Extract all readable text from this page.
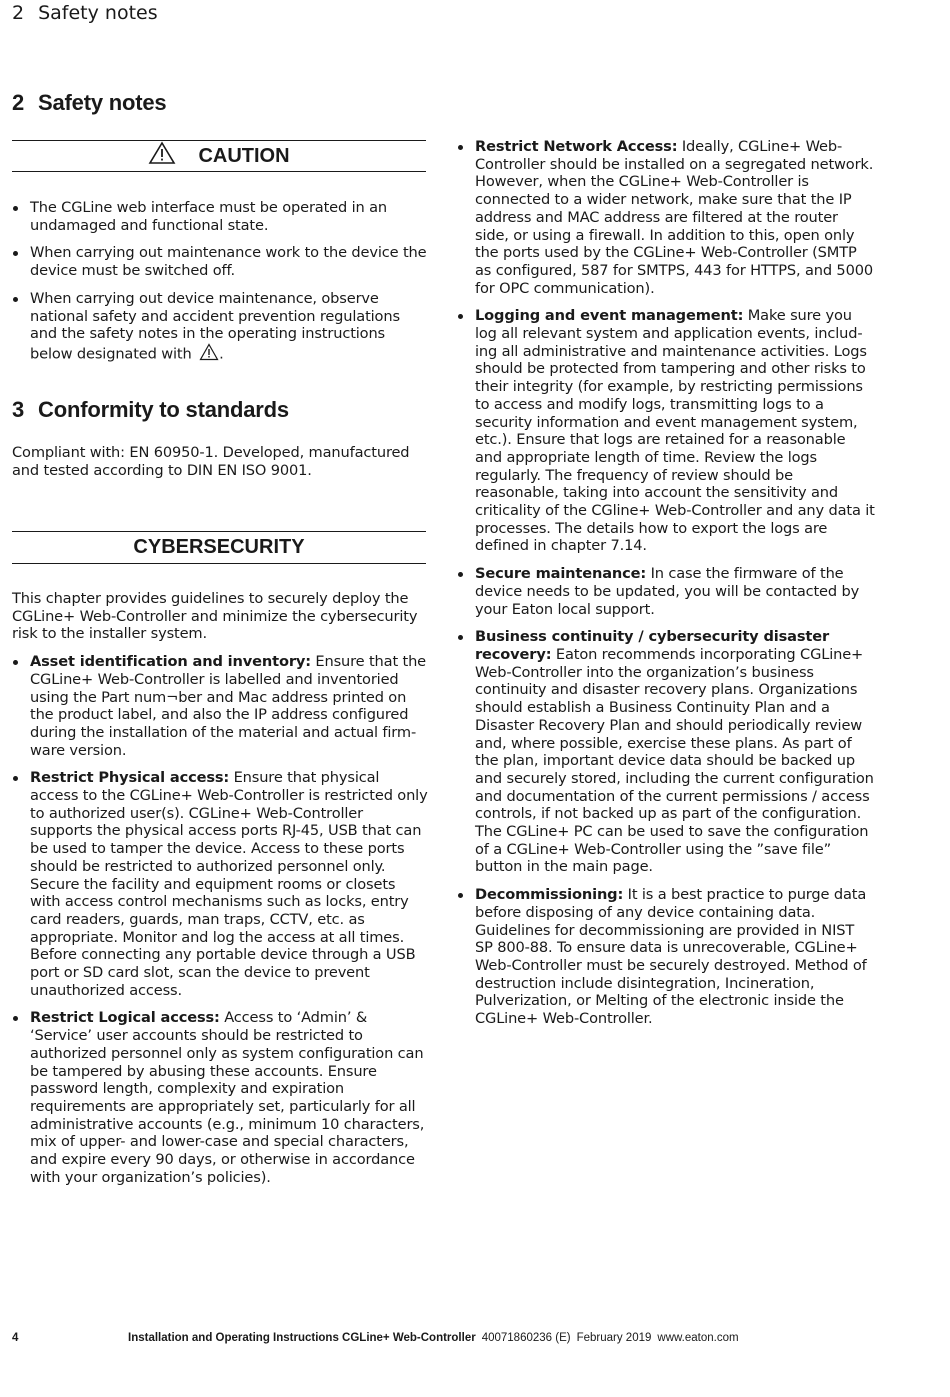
2 Safety notes
2 Safety notes
CAUTION
The CGLine web interface must be operated in an undamaged and functional state.
When carrying out maintenance work to the device the device must be switched off.
When carrying out device maintenance, observe national safety and accident prevention regulations and the safety notes in the operating instructions below designated with .
3 Conformity to standards

Compliant with: EN 60950-1. Developed, manufactured and tested according to DIN EN ISO 9001.

CYBERSECURITY

This chapter provides guidelines to securely deploy the CGLine+ Web-Controller and minimize the cybersecurity risk to the installer system.

Asset identification and inventory: Ensure that the CGLine+ Web-Controller is labelled and inventoried using the Part num¬ber and Mac address printed on the product label, and also the IP address configured during the installation of the material and actual firmware version.
Restrict Physical access: Ensure that physical access to the CGLine+ Web-Controller is restricted only to authorized user(s). CGLine+ Web-Controller supports the physical access ports RJ-45, USB that can be used to tamper the device. Access to these ports should be restricted to authorized personnel only. Secure the facility and equipment rooms or closets with access control mechanisms such as locks, entry card readers, guards, man traps, CCTV, etc. as appropriate. Monitor and log the access at all times. Before connecting any portable device through a USB port or SD card slot, scan the device to prevent unauthorized access.
Restrict Logical access: Access to ‘Admin’ & ‘Service’ user accounts should be restricted to authorized personnel only as system configuration can be tampered by abusing these accounts. Ensure password length, complexity and expiration requirements are appropriately set, particularly for all administrative accounts (e.g., minimum 10 characters, mix of upper- and lower-case and special characters, and expire every 90 days, or otherwise in accordance with your organization’s policies).
Restrict Network Access: Ideally, CGLine+ Web-Controller should be installed on a segregated network. However, when the CGLine+ Web-Controller is connected to a wider network, make sure that the IP address and MAC address are filtered at the router side, or using a firewall. In addition to this, open only the ports used by the CGLine+ Web-Controller (SMTP as configured, 587 for SMTPS, 443 for HTTPS, and 5000 for OPC communication).
Logging and event management: Make sure you log all relevant system and application events, including all administrative and maintenance activities. Logs should be protected from tampering and other risks to their integrity (for example, by restricting permissions to access and modify logs, transmitting logs to a security information and event management system, etc.). Ensure that logs are retained for a reasonable and appropriate length of time. Review the logs regularly. The frequency of review should be reasonable, taking into account the sensitivity and criticality of the CGline+ Web-Controller and any data it processes. The details how to export the logs are defined in chapter 7.14.
Secure maintenance: In case the firmware of the device needs to be updated, you will be contacted by your Eaton local support.
Business continuity / cybersecurity disaster recovery: Eaton recommends incorporating CGLine+ Web-Controller into the organization’s business continuity and disaster recovery plans. Organizations should establish a Business Continuity Plan and a Disaster Recovery Plan and should periodically review and, where possible, exercise these plans. As part of the plan, important device data should be backed up and securely stored, including the current configuration and documentation of the current permissions / access controls, if not backed up as part of the configuration. The CGLine+ PC can be used to save the configuration of a CGLine+ Web-Controller using the ”save file” button in the main page.
Decommissioning: It is a best practice to purge data before disposing of any device containing data. Guidelines for decommissioning are provided in NIST SP 800-88. To ensure data is unrecoverable, CGLine+ Web-Controller must be securely destroyed. Method of destruction include disintegration, Incineration, Pulverization, or Melting of the electronic inside the CGLine+ Web-Controller.
4	Installation and Operating Instructions CGLine+ Web-Controller 40071860236 (E) February 2019 www.eaton.com
